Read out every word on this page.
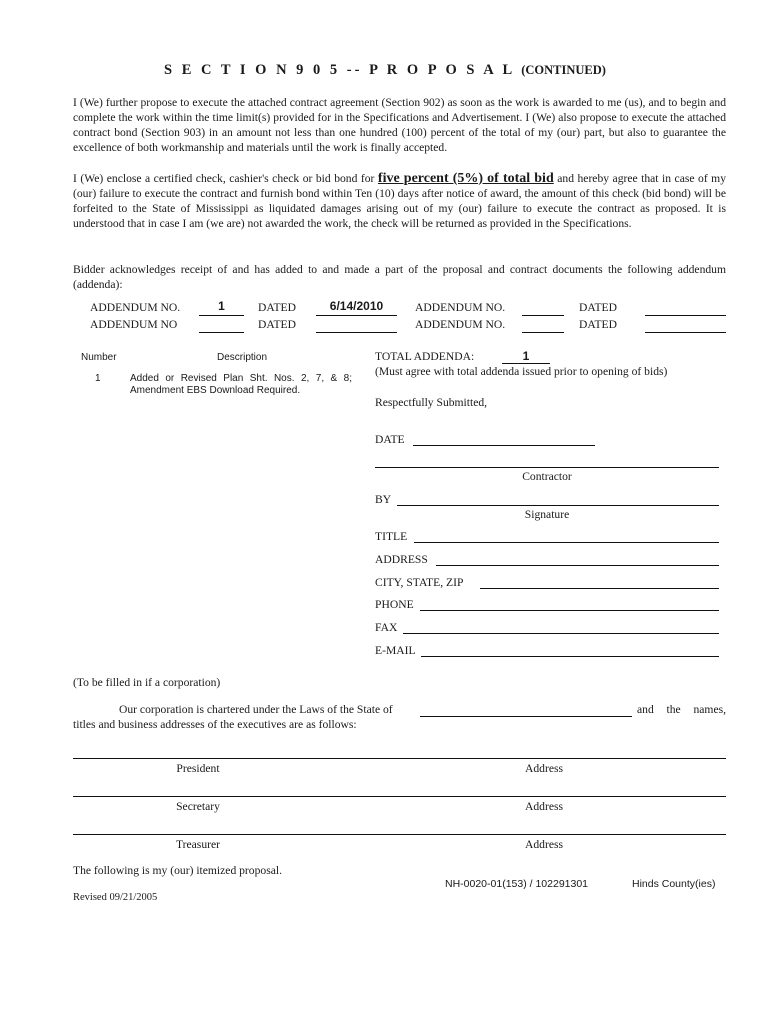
S E C T I O N 9 0 5 -- P R O P O S A L (CONTINUED)
I (We) further propose to execute the attached contract agreement (Section 902) as soon as the work is awarded to me (us), and to begin and complete the work within the time limit(s) provided for in the Specifications and Advertisement. I (We) also propose to execute the attached contract bond (Section 903) in an amount not less than one hundred (100) percent of the total of my (our) part, but also to guarantee the excellence of both workmanship and materials until the work is finally accepted.
I (We) enclose a certified check, cashier's check or bid bond for five percent (5%) of total bid and hereby agree that in case of my (our) failure to execute the contract and furnish bond within Ten (10) days after notice of award, the amount of this check (bid bond) will be forfeited to the State of Mississippi as liquidated damages arising out of my (our) failure to execute the contract as proposed. It is understood that in case I am (we are) not awarded the work, the check will be returned as provided in the Specifications.
Bidder acknowledges receipt of and has added to and made a part of the proposal and contract documents the following addendum (addenda):
ADDENDUM NO.	1	DATED	6/14/2010	ADDENDUM NO.	DATED
ADDENDUM NO	DATED	ADDENDUM NO.	DATED
Number	Description
1	Added or Revised Plan Sht. Nos. 2, 7, & 8; Amendment EBS Download Required.
TOTAL ADDENDA:	1
(Must agree with total addenda issued prior to opening of bids)
Respectfully Submitted,
DATE
Contractor
BY
Signature
TITLE
ADDRESS
CITY, STATE, ZIP
PHONE
FAX
E-MAIL
(To be filled in if a corporation)
Our corporation is chartered under the Laws of the State of	and the names,
titles and business addresses of the executives are as follows:
President	Address
Secretary	Address
Treasurer	Address
The following is my (our) itemized proposal.
NH-0020-01(153) / 102291301	Hinds County(ies)
Revised 09/21/2005
